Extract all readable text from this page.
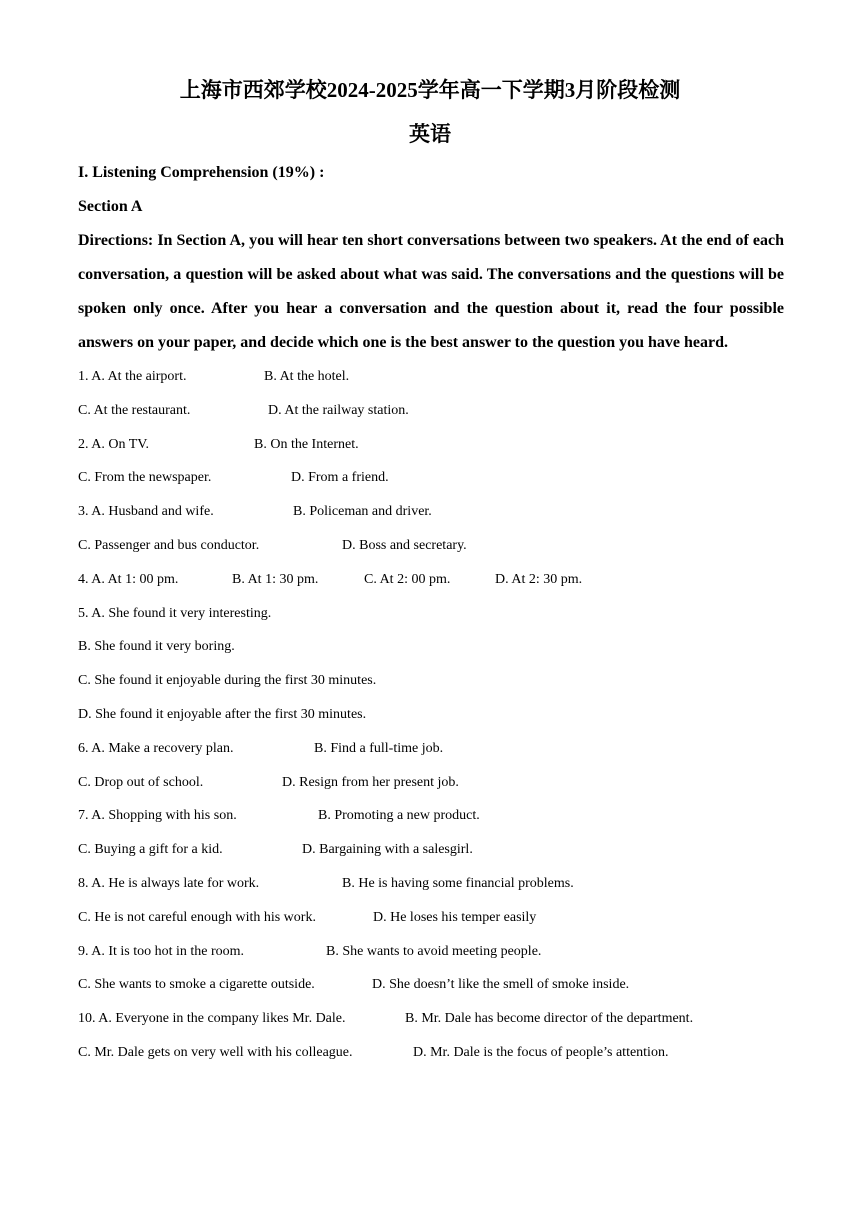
上海市西郊学校2024-2025学年高一下学期3月阶段检测
英语
I. Listening Comprehension (19%) :
Section A

Directions: In Section A, you will hear ten short conversations between two speakers. At the end of each conversation, a question will be asked about what was said. The conversations and the questions will be spoken only once. After you hear a conversation and the question about it, read the four possible answers on your paper, and decide which one is the best answer to the question you have heard.

1. A. At the airport.	B. At the hotel.
C. At the restaurant.	D. At the railway station.
2. A. On TV.	B. On the Internet.
C. From the newspaper.	D. From a friend.
3. A. Husband and wife.	B. Policeman and driver.
C. Passenger and bus conductor.	D. Boss and secretary.
4. A. At 1: 00 pm.	B. At 1: 30 pm.	C. At 2: 00 pm.	D. At 2: 30 pm.
5. A. She found it very interesting.
B. She found it very boring.
C. She found it enjoyable during the first 30 minutes.
D. She found it enjoyable after the first 30 minutes.
6. A. Make a recovery plan.	B. Find a full-time job.
C. Drop out of school.	D. Resign from her present job.
7. A. Shopping with his son.	B. Promoting a new product.
C. Buying a gift for a kid.	D. Bargaining with a salesgirl.
8. A. He is always late for work.	B. He is having some financial problems.
C. He is not careful enough with his work.	D. He loses his temper easily
9. A. It is too hot in the room.	B. She wants to avoid meeting people.
C. She wants to smoke a cigarette outside.	D. She doesn’t like the smell of smoke inside.
10. A. Everyone in the company likes Mr. Dale.	B. Mr. Dale has become director of the department.
C. Mr. Dale gets on very well with his colleague.	D. Mr. Dale is the focus of people’s attention.
